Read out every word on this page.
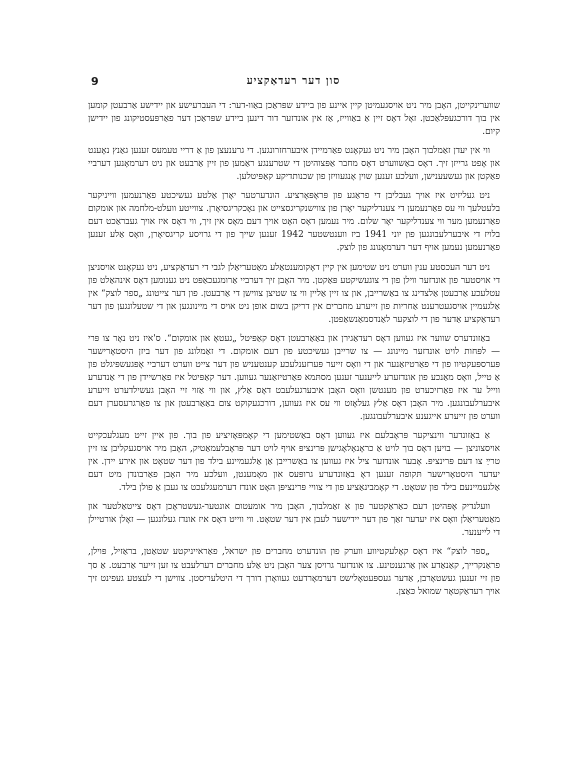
9	סון דער רעדאַקציע

שווערינקייטן, האָבן מיר ניט אויסגעמיטן קיין איינע פון ביידע שפּראַכן באַוו-דער: די העברעישע און יידישע אַרבעטן קומען אין בוך דורכגעפּלאַכטן. זאָל דאָס זיין אַ באַווייז, אַז אין אונדזער דור דינען ביידע שפּראַכן דער פאַרפּעסטיקונג פון יידישן קיום.

ווי אין יעדן זאַמלבוך האָבן מיר ניט געקאָנט פאַרמיידן איבערחזרונגען. די גרענעצן פון אַ דריי טעמעס זענען גאַנץ נאָענט און אָפט גרייזן זיך. דאָס באַשווערט דאָס מחבר אַפּצוהיטן די שטרענגע ראַמען פון זיין אַרבעט און ניט דערמאָנען דערביי פאַקטן און געשעענישן, וועלכע זענען שוין אָנגעוויזן פון שכנותדיקע קאַפּיטלען.

ניט געליזיט איז אויך געבליבן די פראַגע פון פּראָפּאָרציע. הונדערטער יאָרן אַלטע געשיכטע פאַרנעמען ווייניקער בלעטלעך ווי עס פאַרנעמען די צענדליקער יאָרן פון צווישנקריגסצייט און נאָכקריגסיאָרן. צווייטע וועלט-מלחמה און אומקום פאַרנעמען מער ווי צענדליקער יאָר שלום. מיר נעמען דאָס האָט אויך דעם מאָס אין זיך, ווי דאָס איז אויך געבראַכט דעם בלויז די איבערלעבונגען פון יוני 1941 ביז ווענטשטער 1942 זענען שייך פון די גרויסע קריגסיאָרן, וואָס אַלע זענען פאַרנעמען נעמען אויף דער דערמאָנונג פון לוצק.

ניט דער העכסטע ענין ווערט ניט שטימען אין קיין דאָקומענטאַלע מאַטעריאַלן לגבי די רעדאַקציע, ניט געקאָנט אויסניצן די אויסטער פון אונדזער ווילן פון די צוגעשיקטע פּאַקטן. מיר האָבן זיך דערביי אַרומגעכאַפּט ניט גענומען דאָס אינהאַלט פון עטלעכע אַרבעטן אַלצדינג צו באַשרייבן, און צו זיין אַליין ווי צו שטיצן צווישן די אַרבעטן. פון דער צייטונג „ספר לוצק“ אין אַלגעמיין אויסגעטרענט אַחריות פון זייערע מחברים אין דריקן בשום אופן ניט אויס די מיינונגען און די שטעלונגען פון דער רעדאַקציע אַדער פון די לוצקער לאַנדסמאַנשאַפטן.

באַזונדערס שווער איז געווען דאָס רעדאַגירן און באַאַרבעטן דאָס קאַפּיטל „געטאָ און אומקום“. ס'איז ניט נאָר צו פּרי — לפּחות לויט אונדזער מיינונג — צו שרייבן געשיכטע פון דעם אומקום. די זאַמלונג פון דער ביזן היסטאָרישער פּערספּעקטיוו פון די פאַרטיזאַנער און די וואָס זייער פּערזענלעכע קענטעניש פון דער צייט ווערט דערביי אָפּגעשפּיגלט פון אַ טייל, וואָס מאַנכע פון אונדזערע לייענער זענען מסתּמא פאַרטיזאַנער געווען. דער קאַפּיטל איז פאַרשיידן פון די אַנדערע ווייל ער איז פאַרזיכערט פון מענטשן וואָס האָבן איבערגעלעבט דאָס אַלץ, און ווי אַזוי זיי האָבן געשילדערט זייערע איבערלעבונגען. מיר האָבן דאָס אַלץ געלאָזט ווי עס איז געווען, דורכגעקוקט צום באַאַרבעטן און צו פאַרגרעסערן דעם ווערט פון זייערע אייגענע איבערלעבונגען.

אַ באַזונדער ווינציקער פּראָבלעם איז געווען דאָס באַשטימען די קאָמפּאָזיציע פון בוך. פון איין זייט מעגלעכקייט אויסצוניצן — בויען דאָס בוך לויט אַ כראָנאָלאָגישן פּרינציפּ אויף לויט דער פּראָבלעמאַטיק, האָבן מיר אויסגעקליבן צו זיין טרײַ צו דעם פּרינציפּ. אָבער אונדזער ציל איז געווען צו באַשרייבן אַן אַלגעמיינע בילד פון דער שטאָט און אירע יידן. אין יעדער היסטאָרישער תּקופה זענען דאָ באַזונדערע גרופּעס און מאָמענטן, וועלכע מיר האָבן פאַרבונדן מיט דעם אַלגעמיינעם בילד פון שטאָט. די קאָמבינאַציע פון די צוויי פּרינציפּן האָט אונדז דערמעגלעכט צו געבן אַ פולן בילד.

וועלנדיק אָפּהיטן דעם כאַראַקטער פון אַ זאַמלבוך, האָבן מיר אומעטום אונטער-געשטראָכן דאָס צייטאַלטער און מאַטעריאַלן וואָס איז יעדער זאַך פון דער יידישער לעבן אין דער שטאָט. ווי ווייט דאָס איז אונדז געלונגען — זאָלן אורטיילן די לייענער.

„ספר לוצק“ איז דאָס קאָלעקטיווע ווערק פון הונדערט מחברים פון ישראל, פאַראייניקטע שטאַטן, בראַזיל, פּוילן, פראַנקרייך, קאַנאַדע און אַרגענטינע. צו אונדזער גרויסן צער האָבן ניט אַלע מחברים דערלעבט צו זען זייער אַרבעט. אַ סך פון זיי זענען געשטאָרבן, אַדער געספּעטאָלישט דערמאָרדעט געוואָרן דורך די היטלעריסטן. צווישן די לעצטע געפינט זיך אויך רעדאַקטאָר שמואל כּאַצן.
